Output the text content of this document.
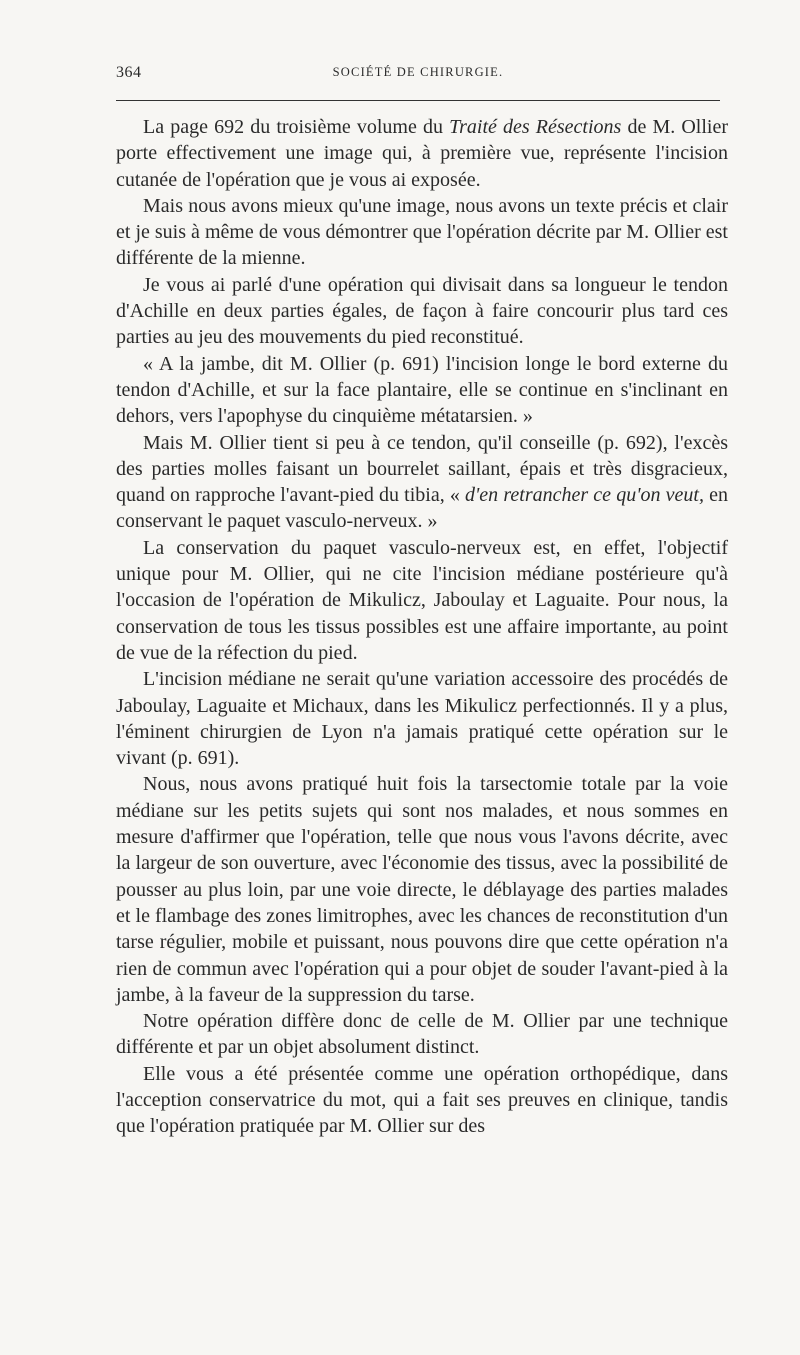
364	SOCIÉTÉ DE CHIRURGIE.

La page 692 du troisième volume du Traité des Résections de M. Ollier porte effectivement une image qui, à première vue, représente l'incision cutanée de l'opération que je vous ai exposée.

Mais nous avons mieux qu'une image, nous avons un texte précis et clair et je suis à même de vous démontrer que l'opération décrite par M. Ollier est différente de la mienne.

Je vous ai parlé d'une opération qui divisait dans sa longueur le tendon d'Achille en deux parties égales, de façon à faire concourir plus tard ces parties au jeu des mouvements du pied reconstitué.

« A la jambe, dit M. Ollier (p. 691) l'incision longe le bord externe du tendon d'Achille, et sur la face plantaire, elle se continue en s'inclinant en dehors, vers l'apophyse du cinquième métatarsien. »

Mais M. Ollier tient si peu à ce tendon, qu'il conseille (p. 692), l'excès des parties molles faisant un bourrelet saillant, épais et très disgracieux, quand on rapproche l'avant-pied du tibia, « d'en retrancher ce qu'on veut, en conservant le paquet vasculo-nerveux. »

La conservation du paquet vasculo-nerveux est, en effet, l'objectif unique pour M. Ollier, qui ne cite l'incision médiane postérieure qu'à l'occasion de l'opération de Mikulicz, Jaboulay et Laguaite. Pour nous, la conservation de tous les tissus possibles est une affaire importante, au point de vue de la réfection du pied.

L'incision médiane ne serait qu'une variation accessoire des procédés de Jaboulay, Laguaite et Michaux, dans les Mikulicz perfectionnés. Il y a plus, l'éminent chirurgien de Lyon n'a jamais pratiqué cette opération sur le vivant (p. 691).

Nous, nous avons pratiqué huit fois la tarsectomie totale par la voie médiane sur les petits sujets qui sont nos malades, et nous sommes en mesure d'affirmer que l'opération, telle que nous vous l'avons décrite, avec la largeur de son ouverture, avec l'économie des tissus, avec la possibilité de pousser au plus loin, par une voie directe, le déblayage des parties malades et le flambage des zones limitrophes, avec les chances de reconstitution d'un tarse régulier, mobile et puissant, nous pouvons dire que cette opération n'a rien de commun avec l'opération qui a pour objet de souder l'avant-pied à la jambe, à la faveur de la suppression du tarse.

Notre opération diffère donc de celle de M. Ollier par une technique différente et par un objet absolument distinct.

Elle vous a été présentée comme une opération orthopédique, dans l'acception conservatrice du mot, qui a fait ses preuves en clinique, tandis que l'opération pratiquée par M. Ollier sur des
